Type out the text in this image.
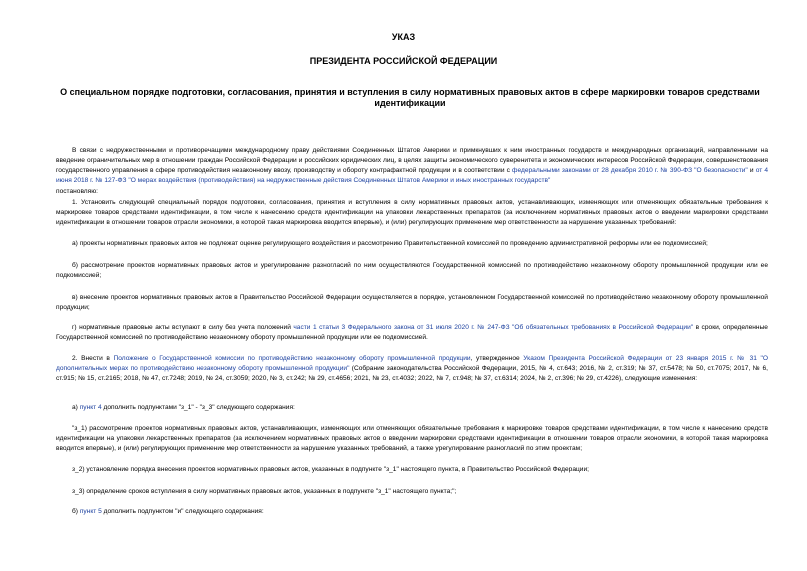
УКАЗ
ПРЕЗИДЕНТА РОССИЙСКОЙ ФЕДЕРАЦИИ
О специальном порядке подготовки, согласования, принятия и вступления в силу нормативных правовых актов в сфере маркировки товаров средствами идентификации
В связи с недружественными и противоречащими международному праву действиями Соединенных Штатов Америки и примкнувших к ним иностранных государств и международных организаций, направленными на введение ограничительных мер в отношении граждан Российской Федерации и российских юридических лиц, в целях защиты экономического суверенитета и экономических интересов Российской Федерации, совершенствования государственного управления в сфере противодействия незаконному ввозу, производству и обороту контрафактной продукции и в соответствии с федеральными законами от 28 декабря 2010 г. № 390-ФЗ "О безопасности" и от 4 июня 2018 г. № 127-ФЗ "О мерах воздействия (противодействия) на недружественные действия Соединенных Штатов Америки и иных иностранных государств"
постановляю:
1. Установить следующий специальный порядок подготовки, согласования, принятия и вступления в силу нормативных правовых актов, устанавливающих, изменяющих или отменяющих обязательные требования к маркировке товаров средствами идентификации, в том числе к нанесению средств идентификации на упаковки лекарственных препаратов (за исключением нормативных правовых актов о введении маркировки средствами идентификации в отношении товаров отрасли экономики, в которой такая маркировка вводится впервые), и (или) регулирующих применение мер ответственности за нарушение указанных требований:
а) проекты нормативных правовых актов не подлежат оценке регулирующего воздействия и рассмотрению Правительственной комиссией по проведению административной реформы или ее подкомиссией;
б) рассмотрение проектов нормативных правовых актов и урегулирование разногласий по ним осуществляются Государственной комиссией по противодействию незаконному обороту промышленной продукции или ее подкомиссией;
в) внесение проектов нормативных правовых актов в Правительство Российской Федерации осуществляется в порядке, установленном Государственной комиссией по противодействию незаконному обороту промышленной продукции;
г) нормативные правовые акты вступают в силу без учета положений части 1 статьи 3 Федерального закона от 31 июля 2020 г. № 247-ФЗ "Об обязательных требованиях в Российской Федерации" в сроки, определенные Государственной комиссией по противодействию незаконному обороту промышленной продукции или ее подкомиссией.
2. Внести в Положение о Государственной комиссии по противодействию незаконному обороту промышленной продукции, утвержденное Указом Президента Российской Федерации от 23 января 2015 г. № 31 "О дополнительных мерах по противодействию незаконному обороту промышленной продукции" (Собрание законодательства Российской Федерации, 2015, № 4, ст.643; 2016, № 2, ст.319; № 37, ст.5478; № 50, ст.7075; 2017, № 6, ст.915; № 15, ст.2165; 2018, № 47, ст.7248; 2019, № 24, ст.3059; 2020, № 3, ст.242; № 29, ст.4656; 2021, № 23, ст.4032; 2022, № 7, ст.948; № 37, ст.6314; 2024, № 2, ст.396; № 29, ст.4226), следующие изменения:
а) пункт 4 дополнить подпунктами "з_1" - "з_3" следующего содержания:
"з_1) рассмотрение проектов нормативных правовых актов, устанавливающих, изменяющих или отменяющих обязательные требования к маркировке товаров средствами идентификации, в том числе к нанесению средств идентификации на упаковки лекарственных препаратов (за исключением нормативных правовых актов о введении маркировки средствами идентификации в отношении товаров отрасли экономики, в которой такая маркировка вводится впервые), и (или) регулирующих применение мер ответственности за нарушение указанных требований, а также урегулирование разногласий по этим проектам;
з_2) установление порядка внесения проектов нормативных правовых актов, указанных в подпункте "з_1" настоящего пункта, в Правительство Российской Федерации;
з_3) определение сроков вступления в силу нормативных правовых актов, указанных в подпункте "з_1" настоящего пункта;";
б) пункт 5 дополнить подпунктом "и" следующего содержания:
